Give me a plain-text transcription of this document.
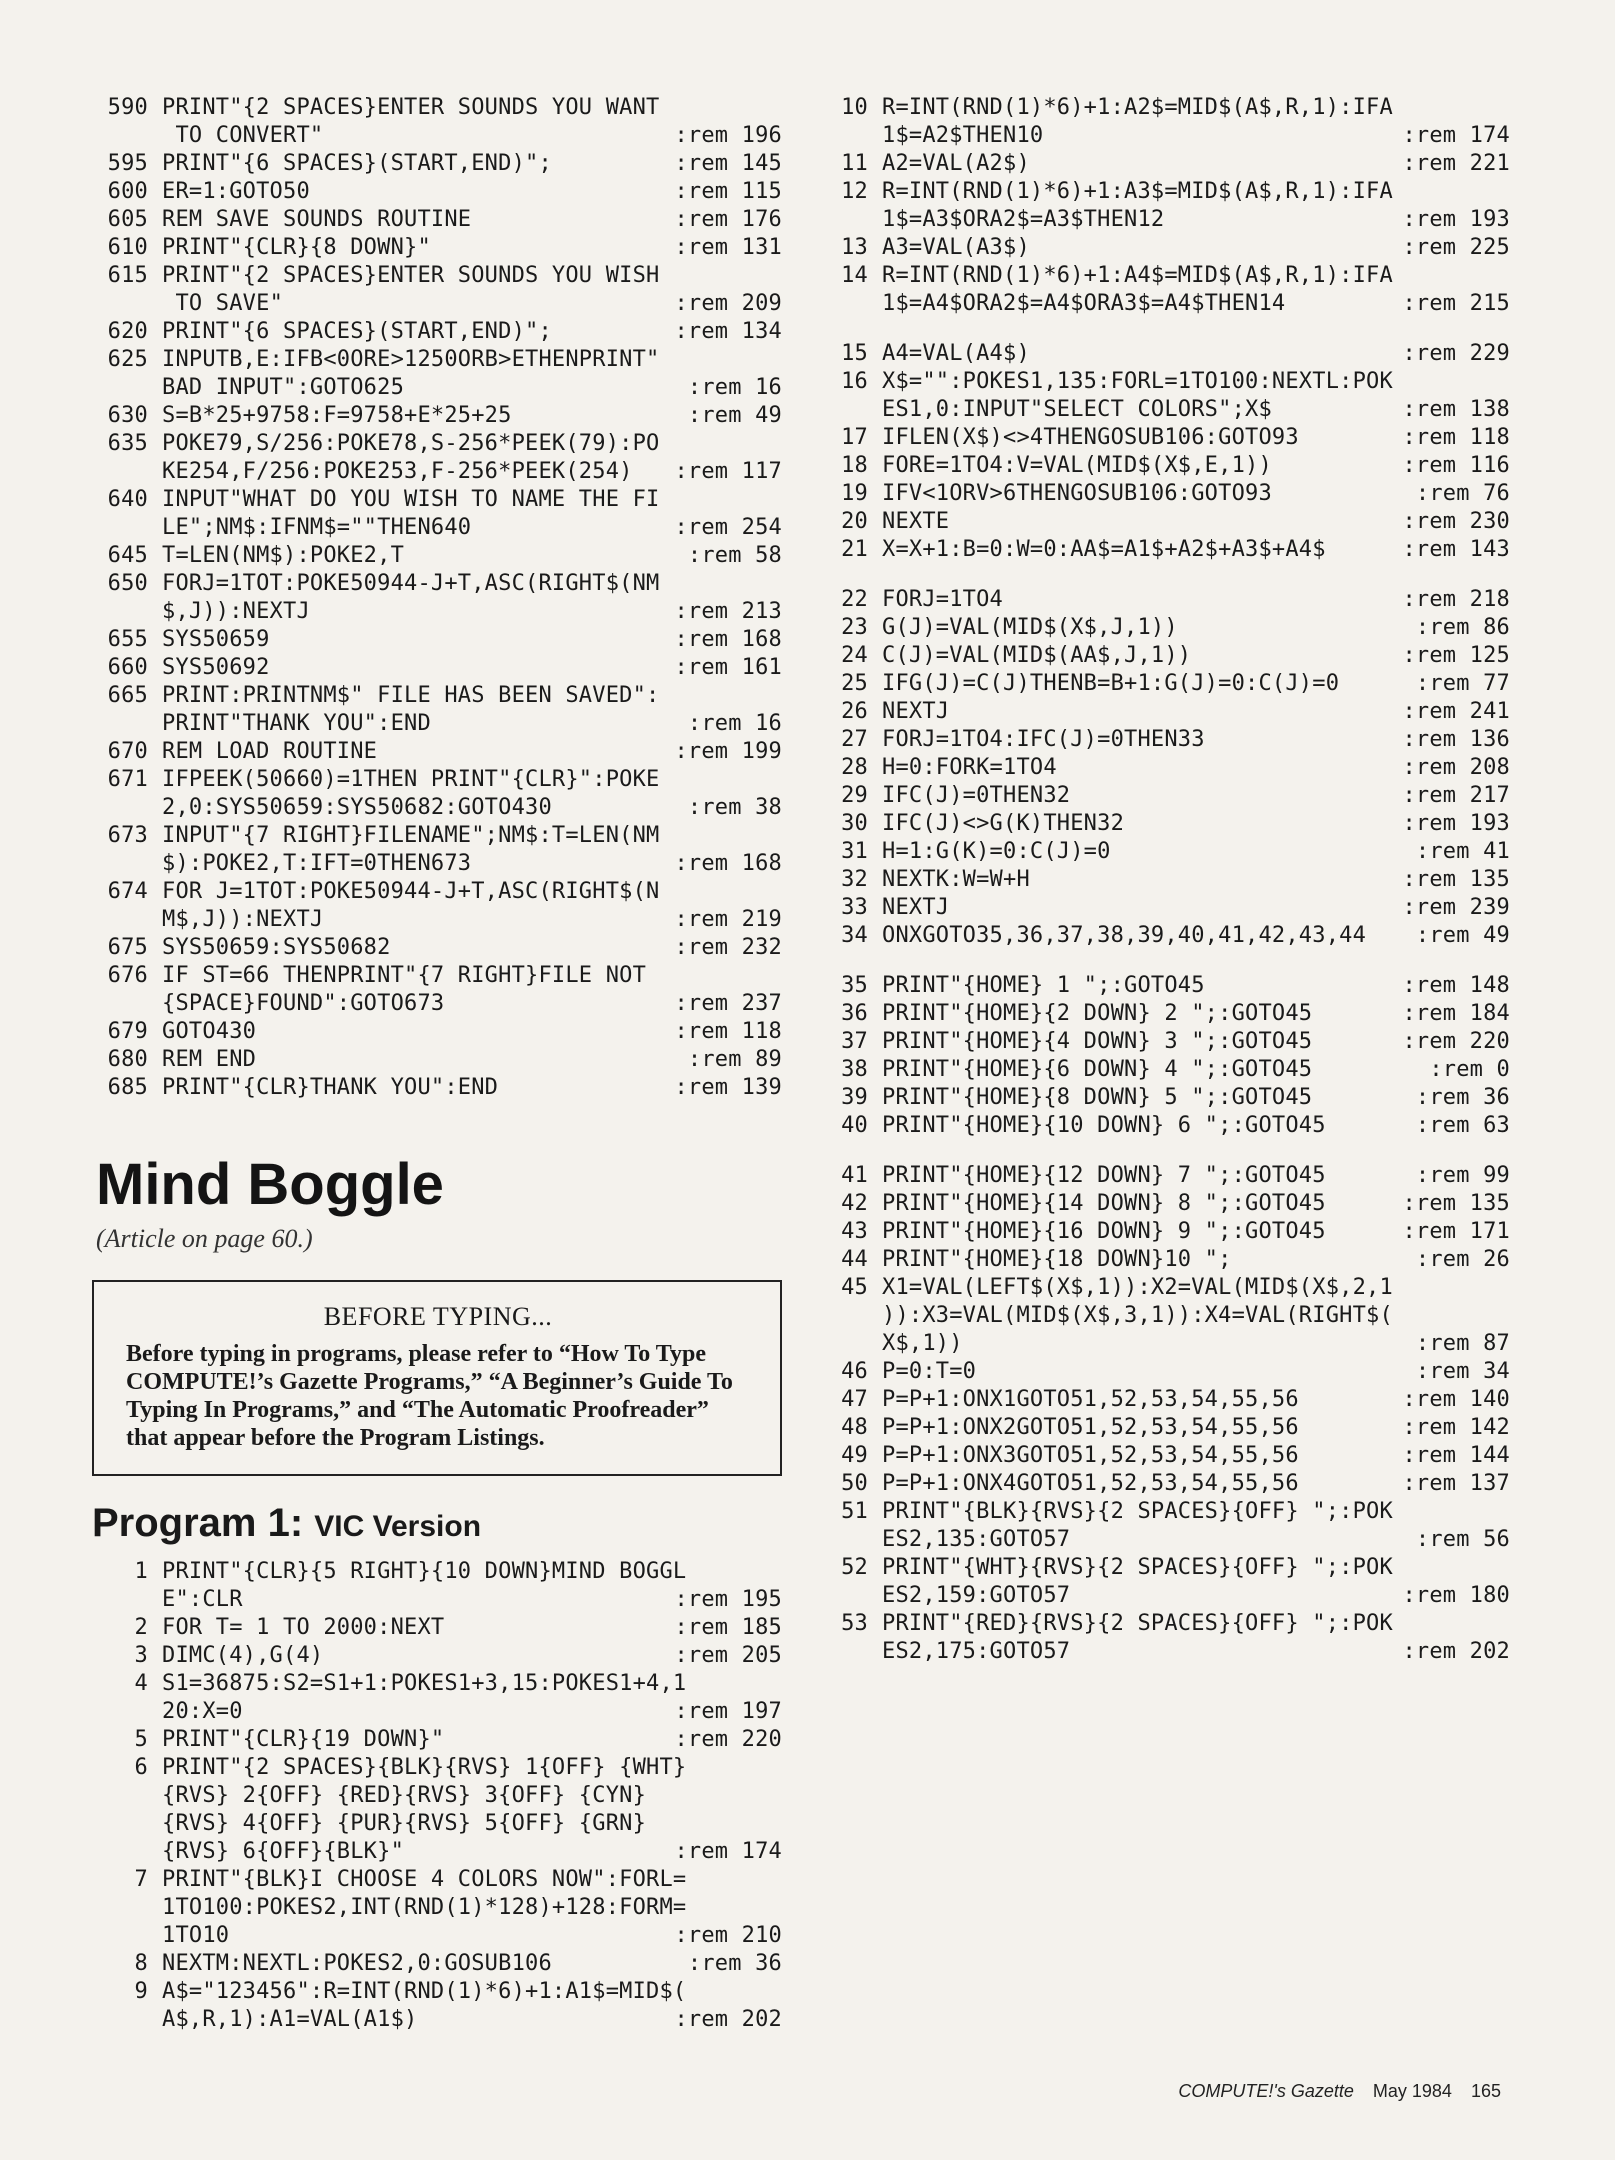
590 PRINT"{2 SPACES}ENTER SOUNDS YOU WANT
TO CONVERT"	:rem 196
595 PRINT"{6 SPACES}(START,END)";	:rem 145
600 ER=1:GOTO50	:rem 115
605 REM SAVE SOUNDS ROUTINE	:rem 176
610 PRINT"{CLR}{8 DOWN}"	:rem 131
615 PRINT"{2 SPACES}ENTER SOUNDS YOU WISH
TO SAVE"	:rem 209
620 PRINT"{6 SPACES}(START,END)";	:rem 134
625 INPUTB,E:IFB<0ORE>1250ORB>ETHENPRINT"
BAD INPUT":GOTO625	:rem 16
630 S=B*25+9758:F=9758+E*25+25	:rem 49
635 POKE79,S/256:POKE78,S-256*PEEK(79):PO
KE254,F/256:POKE253,F-256*PEEK(254)	:rem 117
640 INPUT"WHAT DO YOU WISH TO NAME THE FI
LE";NM$:IFNM$=""THEN640	:rem 254
645 T=LEN(NM$):POKE2,T	:rem 58
650 FORJ=1TOT:POKE50944-J+T,ASC(RIGHT$(NM
$,J)):NEXTJ	:rem 213
655 SYS50659	:rem 168
660 SYS50692	:rem 161
665 PRINT:PRINTNM$" FILE HAS BEEN SAVED":
PRINT"THANK YOU":END	:rem 16
670 REM LOAD ROUTINE	:rem 199
671 IFPEEK(50660)=1THEN PRINT"{CLR}":POKE
2,0:SYS50659:SYS50682:GOTO430	:rem 38
673 INPUT"{7 RIGHT}FILENAME";NM$:T=LEN(NM
$):POKE2,T:IFT=0THEN673	:rem 168
674 FOR J=1TOT:POKE50944-J+T,ASC(RIGHT$(N
M$,J)):NEXTJ	:rem 219
675 SYS50659:SYS50682	:rem 232
676 IF ST=66 THENPRINT"{7 RIGHT}FILE NOT
{SPACE}FOUND":GOTO673	:rem 237
679 GOTO430	:rem 118
680 REM END	:rem 89
685 PRINT"{CLR}THANK YOU":END	:rem 139
Mind Boggle
(Article on page 60.)
BEFORE TYPING...
Before typing in programs, please refer to “How To Type COMPUTE!’s Gazette Programs,” “A Beginner’s Guide To Typing In Programs,” and “The Automatic Proofreader” that appear before the Program Listings.
Program 1: VIC Version
1 PRINT"{CLR}{5 RIGHT}{10 DOWN}MIND BOGGL
E":CLR	:rem 195
2 FOR T= 1 TO 2000:NEXT	:rem 185
3 DIMC(4),G(4)	:rem 205
4 S1=36875:S2=S1+1:POKES1+3,15:POKES1+4,1
20:X=0	:rem 197
5 PRINT"{CLR}{19 DOWN}"	:rem 220
6 PRINT"{2 SPACES}{BLK}{RVS} 1{OFF} {WHT}
{RVS} 2{OFF} {RED}{RVS} 3{OFF} {CYN}
{RVS} 4{OFF} {PUR}{RVS} 5{OFF} {GRN}
{RVS} 6{OFF}{BLK}"	:rem 174
7 PRINT"{BLK}I CHOOSE 4 COLORS NOW":FORL=
1TO100:POKES2,INT(RND(1)*128)+128:FORM=
1TO10	:rem 210
8 NEXTM:NEXTL:POKES2,0:GOSUB106	:rem 36
9 A$="123456":R=INT(RND(1)*6)+1:A1$=MID$(
A$,R,1):A1=VAL(A1$)	:rem 202
10 R=INT(RND(1)*6)+1:A2$=MID$(A$,R,1):IFA
1$=A2$THEN10	:rem 174
11 A2=VAL(A2$)	:rem 221
12 R=INT(RND(1)*6)+1:A3$=MID$(A$,R,1):IFA
1$=A3$ORA2$=A3$THEN12	:rem 193
13 A3=VAL(A3$)	:rem 225
14 R=INT(RND(1)*6)+1:A4$=MID$(A$,R,1):IFA
1$=A4$ORA2$=A4$ORA3$=A4$THEN14	:rem 215
15 A4=VAL(A4$)	:rem 229
16 X$="":POKES1,135:FORL=1TO100:NEXTL:POK
ES1,0:INPUT"SELECT COLORS";X$	:rem 138
17 IFLEN(X$)<>4THENGOSUB106:GOTO93	:rem 118
18 FORE=1TO4:V=VAL(MID$(X$,E,1))	:rem 116
19 IFV<1ORV>6THENGOSUB106:GOTO93	:rem 76
20 NEXTE	:rem 230
21 X=X+1:B=0:W=0:AA$=A1$+A2$+A3$+A4$	:rem 143
22 FORJ=1TO4	:rem 218
23 G(J)=VAL(MID$(X$,J,1))	:rem 86
24 C(J)=VAL(MID$(AA$,J,1))	:rem 125
25 IFG(J)=C(J)THENB=B+1:G(J)=0:C(J)=0	:rem 77
26 NEXTJ	:rem 241
27 FORJ=1TO4:IFC(J)=0THEN33	:rem 136
28 H=0:FORK=1TO4	:rem 208
29 IFC(J)=0THEN32	:rem 217
30 IFC(J)<>G(K)THEN32	:rem 193
31 H=1:G(K)=0:C(J)=0	:rem 41
32 NEXTK:W=W+H	:rem 135
33 NEXTJ	:rem 239
34 ONXGOTO35,36,37,38,39,40,41,42,43,44	:rem 49
35 PRINT"{HOME} 1 ";:GOTO45	:rem 148
36 PRINT"{HOME}{2 DOWN} 2 ";:GOTO45	:rem 184
37 PRINT"{HOME}{4 DOWN} 3 ";:GOTO45	:rem 220
38 PRINT"{HOME}{6 DOWN} 4 ";:GOTO45	:rem 0
39 PRINT"{HOME}{8 DOWN} 5 ";:GOTO45	:rem 36
40 PRINT"{HOME}{10 DOWN} 6 ";:GOTO45	:rem 63
41 PRINT"{HOME}{12 DOWN} 7 ";:GOTO45	:rem 99
42 PRINT"{HOME}{14 DOWN} 8 ";:GOTO45	:rem 135
43 PRINT"{HOME}{16 DOWN} 9 ";:GOTO45	:rem 171
44 PRINT"{HOME}{18 DOWN}10 ";	:rem 26
45 X1=VAL(LEFT$(X$,1)):X2=VAL(MID$(X$,2,1
)):X3=VAL(MID$(X$,3,1)):X4=VAL(RIGHT$(
X$,1))	:rem 87
46 P=0:T=0	:rem 34
47 P=P+1:ONX1GOTO51,52,53,54,55,56	:rem 140
48 P=P+1:ONX2GOTO51,52,53,54,55,56	:rem 142
49 P=P+1:ONX3GOTO51,52,53,54,55,56	:rem 144
50 P=P+1:ONX4GOTO51,52,53,54,55,56	:rem 137
51 PRINT"{BLK}{RVS}{2 SPACES}{OFF} ";:POK
ES2,135:GOTO57	:rem 56
52 PRINT"{WHT}{RVS}{2 SPACES}{OFF} ";:POK
ES2,159:GOTO57	:rem 180
53 PRINT"{RED}{RVS}{2 SPACES}{OFF} ";:POK
ES2,175:GOTO57	:rem 202
COMPUTE!'s Gazette May 1984 165
